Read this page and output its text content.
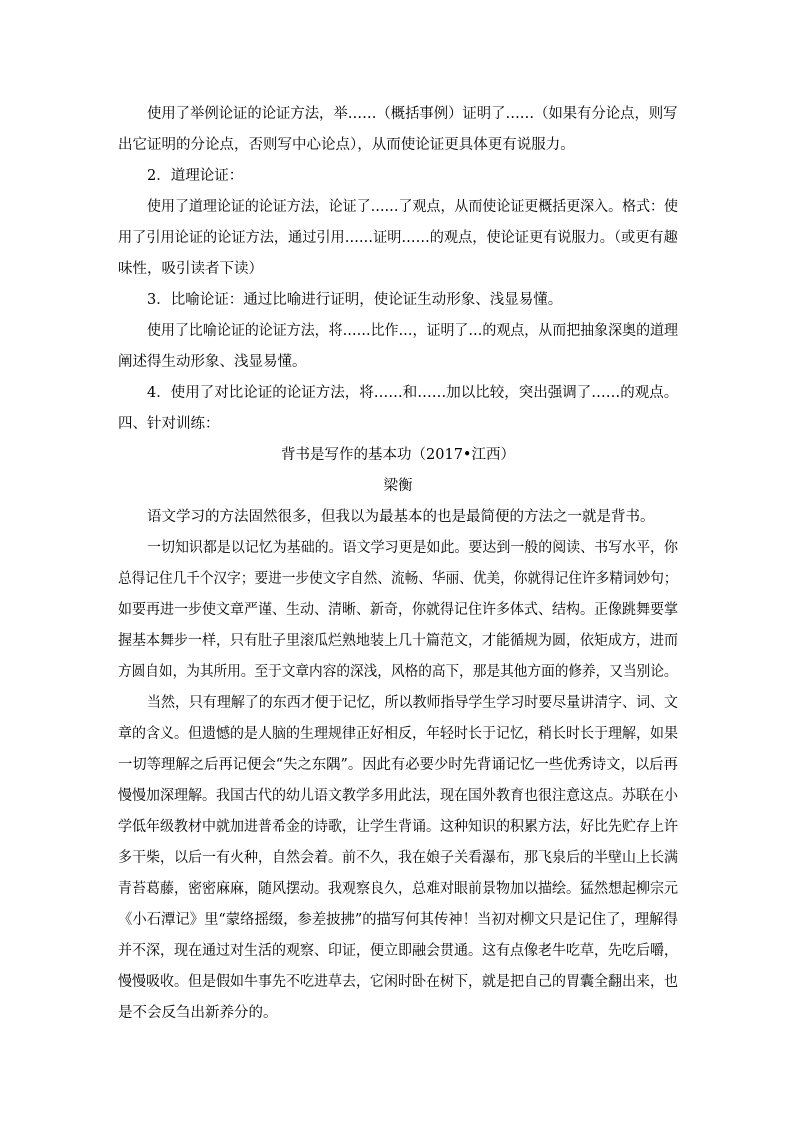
使用了举例论证的论证方法，举……（概括事例）证明了……（如果有分论点，则写
出它证明的分论点，否则写中心论点），从而使论证更具体更有说服力。
2．道理论证：
使用了道理论证的论证方法，论证了……了观点，从而使论证更概括更深入。格式：使
用了引用论证的论证方法，通过引用……证明……的观点，使论证更有说服力。（或更有趣
味性，吸引读者下读）
3．比喻论证：通过比喻进行证明，使论证生动形象、浅显易懂。
使用了比喻论证的论证方法，将……比作…，证明了…的观点，从而把抽象深奥的道理
阐述得生动形象、浅显易懂。
4．使用了对比论证的论证方法，将……和……加以比较，突出强调了……的观点。
四、针对训练：
背书是写作的基本功（2017•江西）
梁衡
语文学习的方法固然很多，但我以为最基本的也是最简便的方法之一就是背书。
一切知识都是以记忆为基础的。语文学习更是如此。要达到一般的阅读、书写水平，你
总得记住几千个汉字；要进一步使文字自然、流畅、华丽、优美，你就得记住许多精词妙句；
如要再进一步使文章严谨、生动、清晰、新奇，你就得记住许多体式、结构。正像跳舞要掌
握基本舞步一样，只有肚子里滚瓜烂熟地装上几十篇范文，才能循规为圆，依矩成方，进而
方圆自如，为其所用。至于文章内容的深浅，风格的高下，那是其他方面的修养，又当别论。
当然，只有理解了的东西才便于记忆，所以教师指导学生学习时要尽量讲清字、词、文
章的含义。但遗憾的是人脑的生理规律正好相反，年轻时长于记忆，稍长时长于理解，如果
一切等理解之后再记便会“失之东隅”。因此有必要少时先背诵记忆一些优秀诗文，以后再
慢慢加深理解。我国古代的幼儿语文教学多用此法，现在国外教育也很注意这点。苏联在小
学低年级教材中就加进普希金的诗歌，让学生背诵。这种知识的积累方法，好比先贮存上许
多干柴，以后一有火种，自然会着。前不久，我在娘子关看瀑布，那飞泉后的半壁山上长满
青苔葛藤，密密麻麻，随风摆动。我观察良久，总难对眼前景物加以描绘。猛然想起柳宗元
《小石潭记》里“蒙络摇缀，参差披拂”的描写何其传神！当初对柳文只是记住了，理解得
并不深，现在通过对生活的观察、印证，便立即融会贯通。这有点像老牛吃草，先吃后嚼，
慢慢吸收。但是假如牛事先不吃进草去，它闲时卧在树下，就是把自己的胃囊全翻出来，也
是不会反刍出新养分的。
